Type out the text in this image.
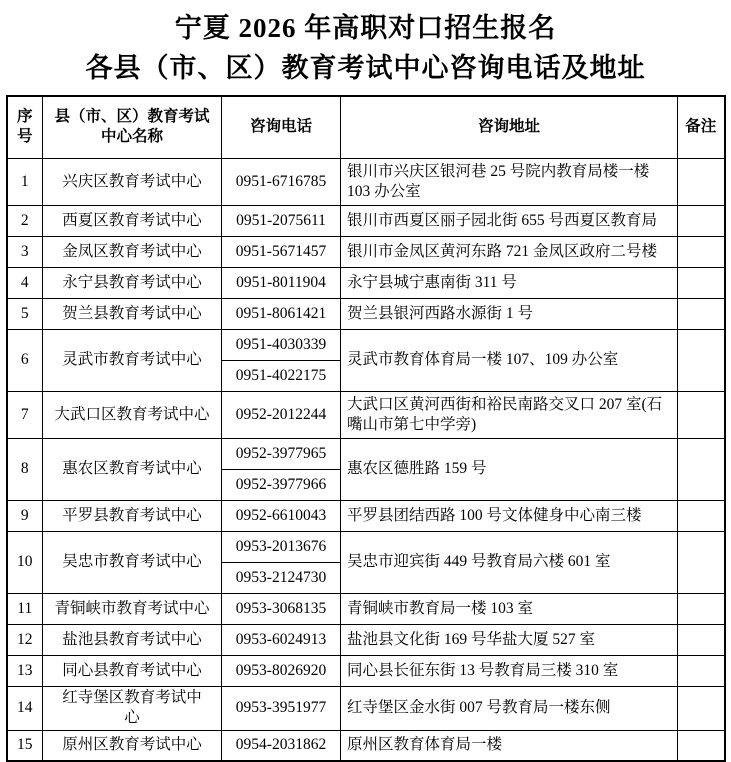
宁夏 2026 年高职对口招生报名
各县（市、区）教育考试中心咨询电话及地址
序号	县（市、区）教育考试中心名称	咨询电话	咨询地址	备注
1	兴庆区教育考试中心	0951-6716785	银川市兴庆区银河巷 25 号院内教育局楼一楼 103 办公室	
2	西夏区教育考试中心	0951-2075611	银川市西夏区丽子园北街 655 号西夏区教育局	
3	金凤区教育考试中心	0951-5671457	银川市金凤区黄河东路 721 金凤区政府二号楼	
4	永宁县教育考试中心	0951-8011904	永宁县城宁惠南街 311 号	
5	贺兰县教育考试中心	0951-8061421	贺兰县银河西路水源街 1 号	
6	灵武市教育考试中心	0951-4030339	灵武市教育体育局一楼 107、109 办公室	
		0951-4022175		
7	大武口区教育考试中心	0952-2012244	大武口区黄河西街和裕民南路交叉口 207 室(石嘴山市第七中学旁)	
8	惠农区教育考试中心	0952-3977965	惠农区德胜路 159 号	
		0952-3977966		
9	平罗县教育考试中心	0952-6610043	平罗县团结西路 100 号文体健身中心南三楼	
10	吴忠市教育考试中心	0953-2013676	吴忠市迎宾街 449 号教育局六楼 601 室	
		0953-2124730		
11	青铜峡市教育考试中心	0953-3068135	青铜峡市教育局一楼 103 室	
12	盐池县教育考试中心	0953-6024913	盐池县文化街 169 号华盐大厦 527 室	
13	同心县教育考试中心	0953-8026920	同心县长征东街 13 号教育局三楼 310 室	
14	红寺堡区教育考试中心	0953-3951977	红寺堡区金水街 007 号教育局一楼东侧	
15	原州区教育考试中心	0954-2031862	原州区教育体育局一楼	
